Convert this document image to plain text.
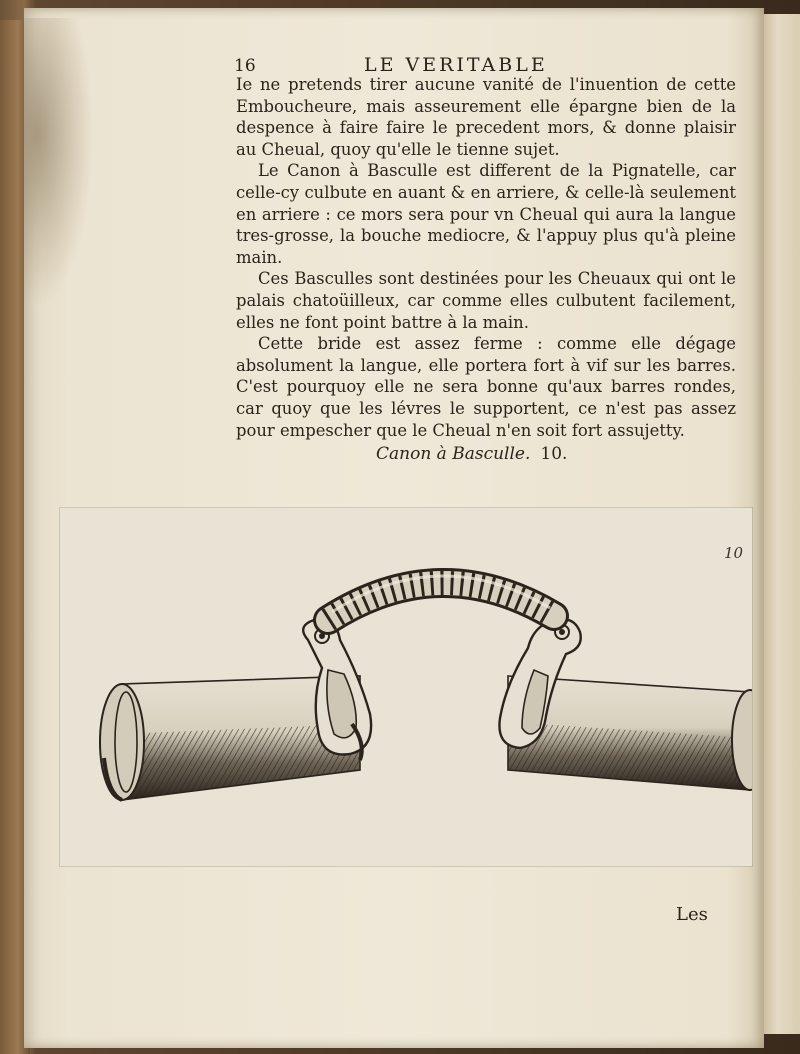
16	LE VERITABLE

Ie ne pretends tirer aucune vanité de l'inuention de cette Embouchеure, mais asseurement elle épargne bien de la despence à faire faire le precedent mors, & donne plaisir au Cheual, quoy qu'elle le tienne sujet.

Le Canon à Basculle est different de la Pignatelle, car celle-cy culbute en auant & en arriere, & celle-là seulement en arriere : ce mors sera pour vn Cheual qui aura la langue tres-grosse, la bouche mediocre, & l'appuy plus qu'à pleine main.

Ces Basculles sont destinées pour les Cheuaux qui ont le palais chatoüilleux, car comme elles culbutent facilement, elles ne font point battre à la main.

Cette bride est assez ferme : comme elle dégage absolument la langue, elle portera fort à vif sur les barres. C'est pourquoy elle ne sera bonne qu'aux barres rondes, car quoy que les lévres le supportent, ce n'est pas assez pour empescher que le Cheual n'en soit fort assujetty.

Canon à Basculle. 10.
10
Les
